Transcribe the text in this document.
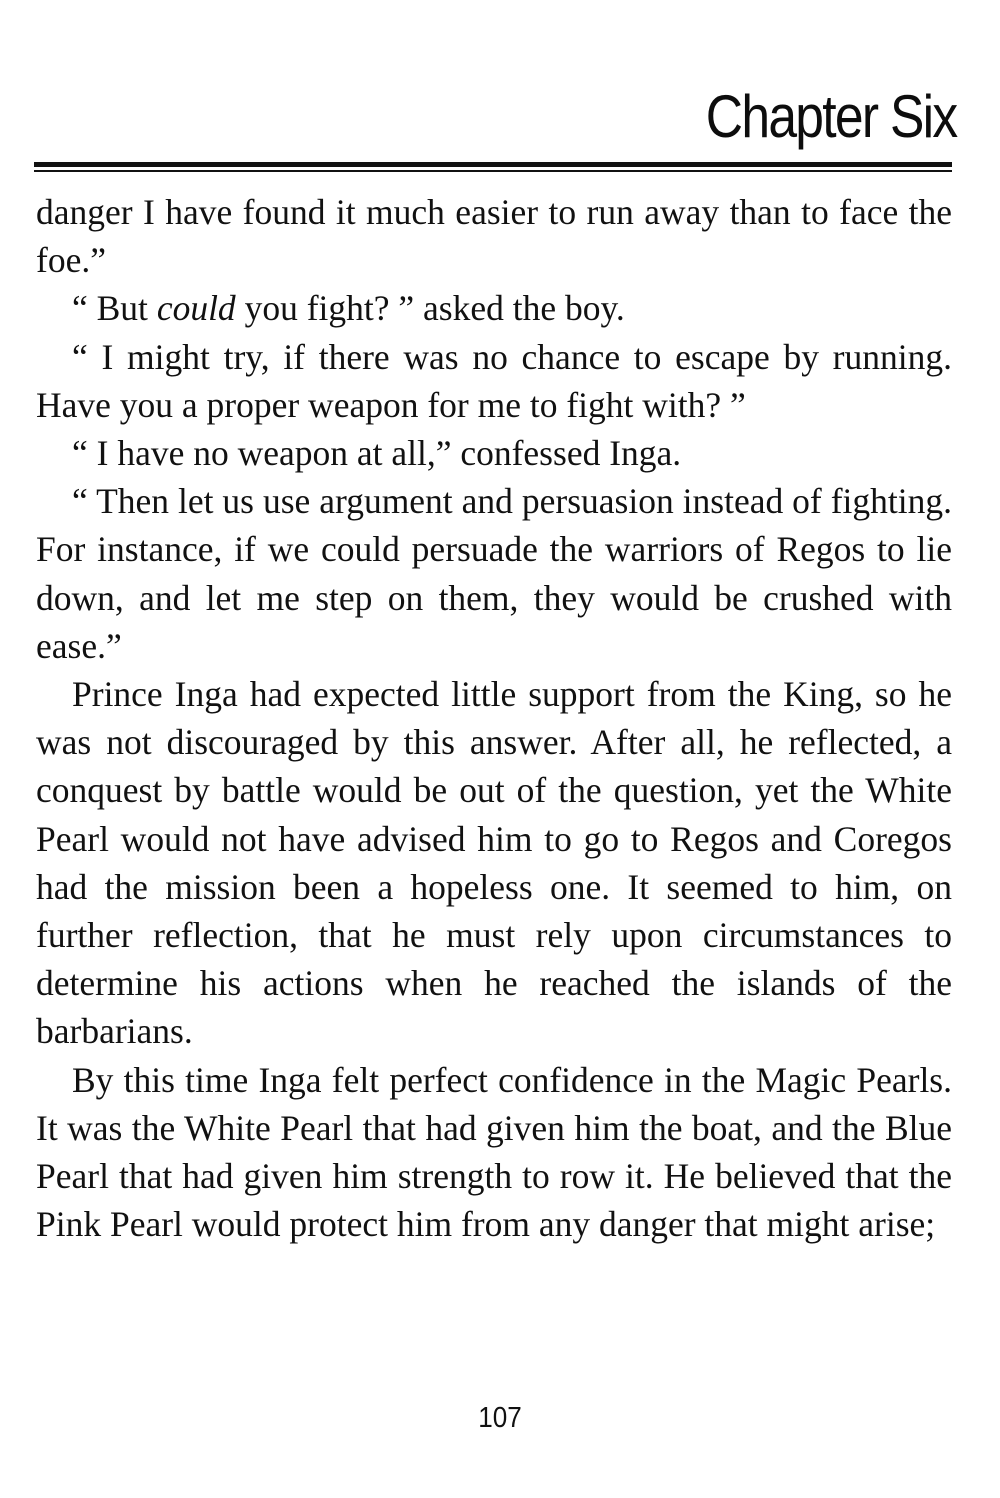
Chapter Six

danger I have found it much easier to run away than to face the foe.”

“ But could you fight? ” asked the boy.

“ I might try, if there was no chance to escape by running. Have you a proper weapon for me to fight with? ”

“ I have no weapon at all,” confessed Inga.

“ Then let us use argument and persuasion instead of fighting. For instance, if we could persuade the warriors of Regos to lie down, and let me step on them, they would be crushed with ease.”

Prince Inga had expected little support from the King, so he was not discouraged by this answer. After all, he reflected, a conquest by battle would be out of the question, yet the White Pearl would not have advised him to go to Regos and Coregos had the mission been a hopeless one. It seemed to him, on further reflection, that he must rely upon circumstances to determine his actions when he reached the islands of the barbarians.

By this time Inga felt perfect confidence in the Magic Pearls. It was the White Pearl that had given him the boat, and the Blue Pearl that had given him strength to row it. He believed that the Pink Pearl would protect him from any danger that might arise;

107
